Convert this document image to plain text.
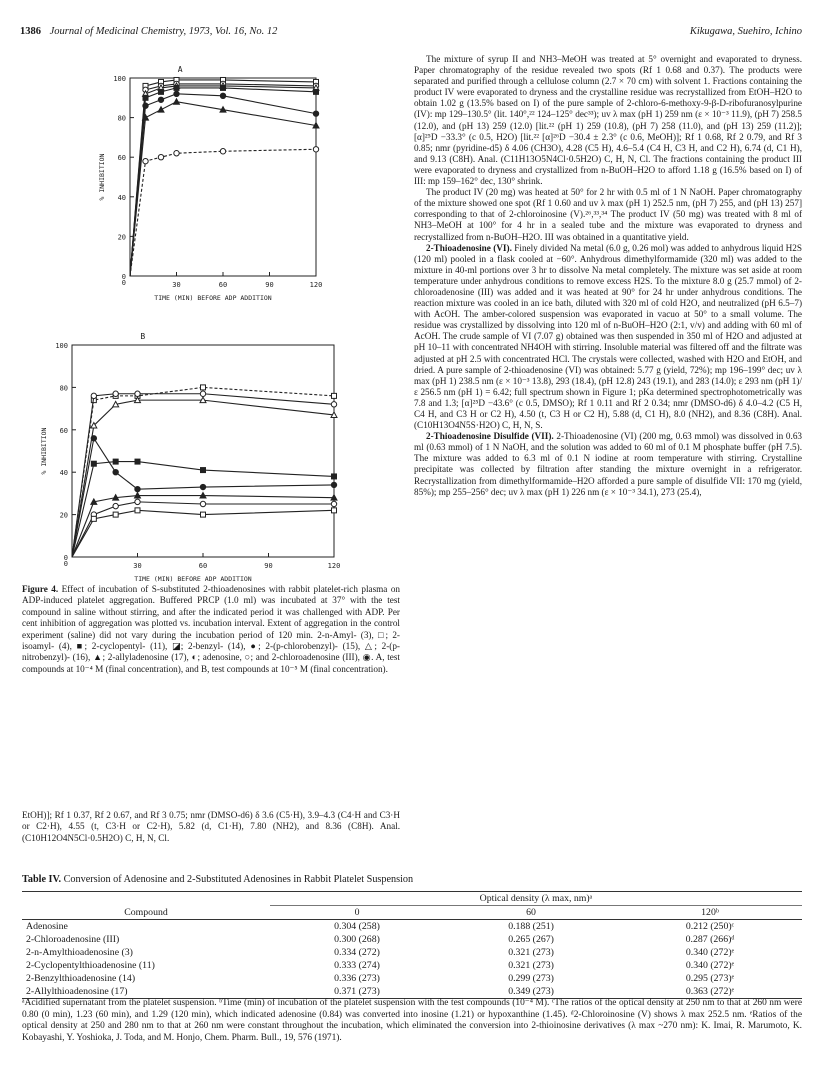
1386 Journal of Medicinal Chemistry, 1973, Vol. 16, No. 12	Kikugawa, Suehiro, Ichino
A
0
20
40
60
80
100
30	60	90	120
0
TIME (MIN) BEFORE ADP ADDITION
% INHIBITION

B
0
20
40
60
80
100
30	60	90	120
0
TIME (MIN) BEFORE ADP ADDITION
% INHIBITION
Figure 4. Effect of incubation of S-substituted 2-thioadenosines with rabbit platelet-rich plasma on ADP-induced platelet aggregation. Buffered PRCP (1.0 ml) was incubated at 37° with the test compound in saline without stirring, and after the indicated period it was challenged with ADP. Per cent inhibition of aggregation was plotted vs. incubation interval. Extent of aggregation in the control experiment (saline) did not vary during the incubation period of 120 min. 2-n-Amyl- (3), □; 2-isoamyl- (4), ■; 2-cyclopentyl- (11), ◪; 2-benzyl- (14), ●; 2-(p-chlorobenzyl)- (15), △; 2-(p-nitrobenzyl)- (16), ▲; 2-allyladenosine (17), ◐; adenosine, ○; and 2-chloroadenosine (III), ◉. A, test compounds at 10⁻⁴ M (final concentration), and B, test compounds at 10⁻⁵ M (final concentration).
EtOH)]; Rf 1 0.37, Rf 2 0.67, and Rf 3 0.75; nmr (DMSO-d6) δ 3.6 (C5·H), 3.9–4.3 (C4·H and C3·H or C2·H), 4.55 (t, C3·H or C2·H), 5.82 (d, C1·H), 7.80 (NH2), and 8.36 (C8H). Anal. (C10H12O4N5Cl·0.5H2O) C, H, N, Cl.

The mixture of syrup II and NH3–MeOH was treated at 5° overnight and evaporated to dryness. Paper chromatography of the residue revealed two spots (Rf 1 0.68 and 0.37). The products were separated and purified through a cellulose column (2.7 × 70 cm) with solvent 1. Fractions containing the product IV were evaporated to dryness and the crystalline residue was recrystallized from EtOH–H2O to obtain 1.02 g (13.5% based on I) of the pure sample of 2-chloro-6-methoxy-9-β-D-ribofuranosylpurine (IV): mp 129–130.5° (lit. 140°,²² 124–125° dec³³); uv λ max (pH 1) 259 nm (ε × 10⁻³ 11.9), (pH 7) 258.5 (12.0), and (pH 13) 259 (12.0) [lit.²² (pH 1) 259 (10.8), (pH 7) 258 (11.0), and (pH 13) 259 (11.2)]; [α]²⁵D −33.3° (c 0.5, H2O) [lit.²² [α]²⁶D −30.4 ± 2.3° (c 0.6, MeOH)]; Rf 1 0.68, Rf 2 0.79, and Rf 3 0.85; nmr (pyridine-d5) δ 4.06 (CH3O), 4.28 (C5 H), 4.6–5.4 (C4 H, C3 H, and C2 H), 6.74 (d, C1 H), and 9.13 (C8H). Anal. (C11H13O5N4Cl·0.5H2O) C, H, N, Cl. The fractions containing the product III were evaporated to dryness and crystallized from n-BuOH–H2O to afford 1.18 g (16.5% based on I) of III: mp 159–162° dec, 130° shrink.

The product IV (20 mg) was heated at 50° for 2 hr with 0.5 ml of 1 N NaOH. Paper chromatography of the mixture showed one spot (Rf 1 0.60 and uv λ max (pH 1) 252.5 nm, (pH 7) 255, and (pH 13) 257] corresponding to that of 2-chloroinosine (V).²⁶,³³,³⁴ The product IV (50 mg) was treated with 8 ml of NH3–MeOH at 100° for 4 hr in a sealed tube and the mixture was evaporated to dryness and recrystallized from n-BuOH–H2O. III was obtained in a quantitative yield.

2-Thioadenosine (VI). Finely divided Na metal (6.0 g, 0.26 mol) was added to anhydrous liquid H2S (120 ml) pooled in a flask cooled at −60°. Anhydrous dimethylformamide (320 ml) was added to the mixture in 40-ml portions over 3 hr to dissolve Na metal completely. The mixture was set aside at room temperature under anhydrous conditions to remove excess H2S. To the mixture 8.0 g (25.7 mmol) of 2-chloroadenosine (III) was added and it was heated at 90° for 24 hr under anhydrous conditions. The reaction mixture was cooled in an ice bath, diluted with 320 ml of cold H2O, and neutralized (pH 6.5–7) with AcOH. The amber-colored suspension was evaporated in vacuo at 50° to a small volume. The residue was crystallized by dissolving into 120 ml of n-BuOH–H2O (2:1, v/v) and adding with 60 ml of AcOH. The crude sample of VI (7.07 g) obtained was then suspended in 350 ml of H2O and adjusted at pH 10–11 with concentrated NH4OH with stirring. Insoluble material was filtered off and the filtrate was adjusted at pH 2.5 with concentrated HCl. The crystals were collected, washed with H2O and EtOH, and dried. A pure sample of 2-thioadenosine (VI) was obtained: 5.77 g (yield, 72%); mp 196–199° dec; uv λ max (pH 1) 238.5 nm (ε × 10⁻³ 13.8), 293 (18.4), (pH 12.8) 243 (19.1), and 283 (14.0); ε 293 nm (pH 1)/ε 256.5 nm (pH 1) = 6.42; full spectrum shown in Figure 1; pKa determined spectrophotometrically was 7.8 and 1.3; [α]²⁵D −43.6° (c 0.5, DMSO); Rf 1 0.11 and Rf 2 0.34; nmr (DMSO-d6) δ 4.0–4.2 (C5 H, C4 H, and C3 H or C2 H), 4.50 (t, C3 H or C2 H), 5.88 (d, C1 H), 8.0 (NH2), and 8.36 (C8H). Anal. (C10H13O4N5S·H2O) C, H, N, S.

2-Thioadenosine Disulfide (VII). 2-Thioadenosine (VI) (200 mg, 0.63 mmol) was dissolved in 0.63 ml (0.63 mmol) of 1 N NaOH, and the solution was added to 60 ml of 0.1 M phosphate buffer (pH 7.5). The mixture was added to 6.3 ml of 0.1 N iodine at room temperature with stirring. Crystalline precipitate was collected by filtration after standing the mixture overnight in a refrigerator. Recrystallization from dimethylformamide–H2O afforded a pure sample of disulfide VII: 170 mg (yield, 85%); mp 255–256° dec; uv λ max (pH 1) 226 nm (ε × 10⁻³ 34.1), 273 (25.4),

Table IV. Conversion of Adenosine and 2-Substituted Adenosines in Rabbit Platelet Suspension
	Optical density (λ max, nm)ᵃ		
Compound	0	60	120ᵇ
Adenosine	0.304 (258)	0.188 (251)	0.212 (250)ᶜ
2-Chloroadenosine (III)	0.300 (268)	0.265 (267)	0.287 (266)ᵈ
2-n-Amylthioadenosine (3)	0.334 (272)	0.321 (273)	0.340 (272)ᵉ
2-Cyclopentylthioadenosine (11)	0.333 (274)	0.321 (273)	0.340 (272)ᵉ
2-Benzylthioadenosine (14)	0.336 (273)	0.299 (273)	0.295 (273)ᵉ
2-Allylthioadenosine (17)	0.371 (273)	0.349 (273)	0.363 (272)ᵉ
ᵃAcidified supernatant from the platelet suspension. ᵇTime (min) of incubation of the platelet suspension with the test compounds (10⁻⁴ M). ᶜThe ratios of the optical density at 250 nm to that at 260 nm were 0.80 (0 min), 1.23 (60 min), and 1.29 (120 min), which indicated adenosine (0.84) was converted into inosine (1.21) or hypoxanthine (1.45). ᵈ2-Chloroinosine (V) shows λ max 252.5 nm. ᵉRatios of the optical density at 250 and 280 nm to that at 260 nm were constant throughout the incubation, which eliminated the conversion into 2-thioinosine derivatives (λ max ~270 nm): K. Imai, R. Marumoto, K. Kobayashi, Y. Yoshioka, J. Toda, and M. Honjo, Chem. Pharm. Bull., 19, 576 (1971).
